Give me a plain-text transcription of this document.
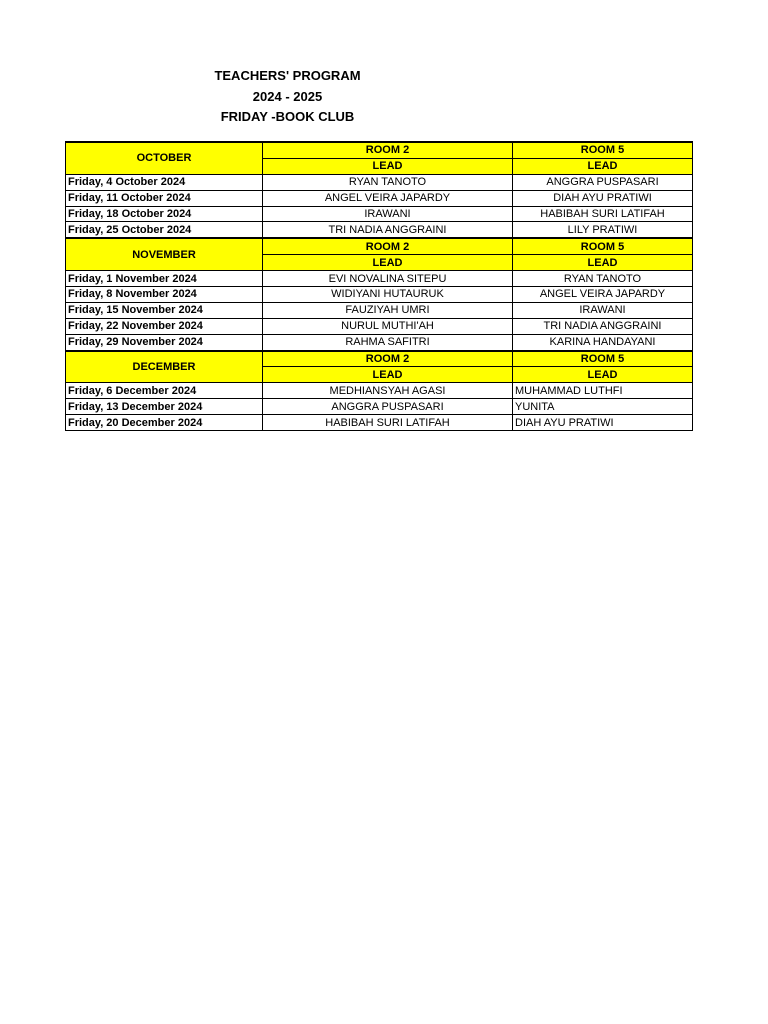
TEACHERS' PROGRAM
2024 - 2025
FRIDAY -BOOK CLUB
OCTOBER	ROOM 2	ROOM 5
	LEAD	LEAD
Friday, 4 October 2024	RYAN TANOTO	ANGGRA PUSPASARI
Friday, 11 October 2024	ANGEL VEIRA JAPARDY	DIAH AYU PRATIWI
Friday, 18 October 2024	IRAWANI	HABIBAH SURI LATIFAH
Friday, 25 October 2024	TRI NADIA ANGGRAINI	LILY PRATIWI
NOVEMBER	ROOM 2	ROOM 5
	LEAD	LEAD
Friday, 1 November 2024	EVI NOVALINA SITEPU	RYAN TANOTO
Friday, 8 November 2024	WIDIYANI HUTAURUK	ANGEL VEIRA JAPARDY
Friday, 15 November 2024	FAUZIYAH UMRI	IRAWANI
Friday, 22 November 2024	NURUL MUTHI'AH	TRI NADIA ANGGRAINI
Friday, 29 November 2024	RAHMA SAFITRI	KARINA HANDAYANI
DECEMBER	ROOM 2	ROOM 5
	LEAD	LEAD
Friday, 6 December 2024	MEDHIANSYAH AGASI	MUHAMMAD LUTHFI
Friday, 13 December 2024	ANGGRA PUSPASARI	YUNITA
Friday, 20 December 2024	HABIBAH SURI LATIFAH	DIAH AYU PRATIWI
